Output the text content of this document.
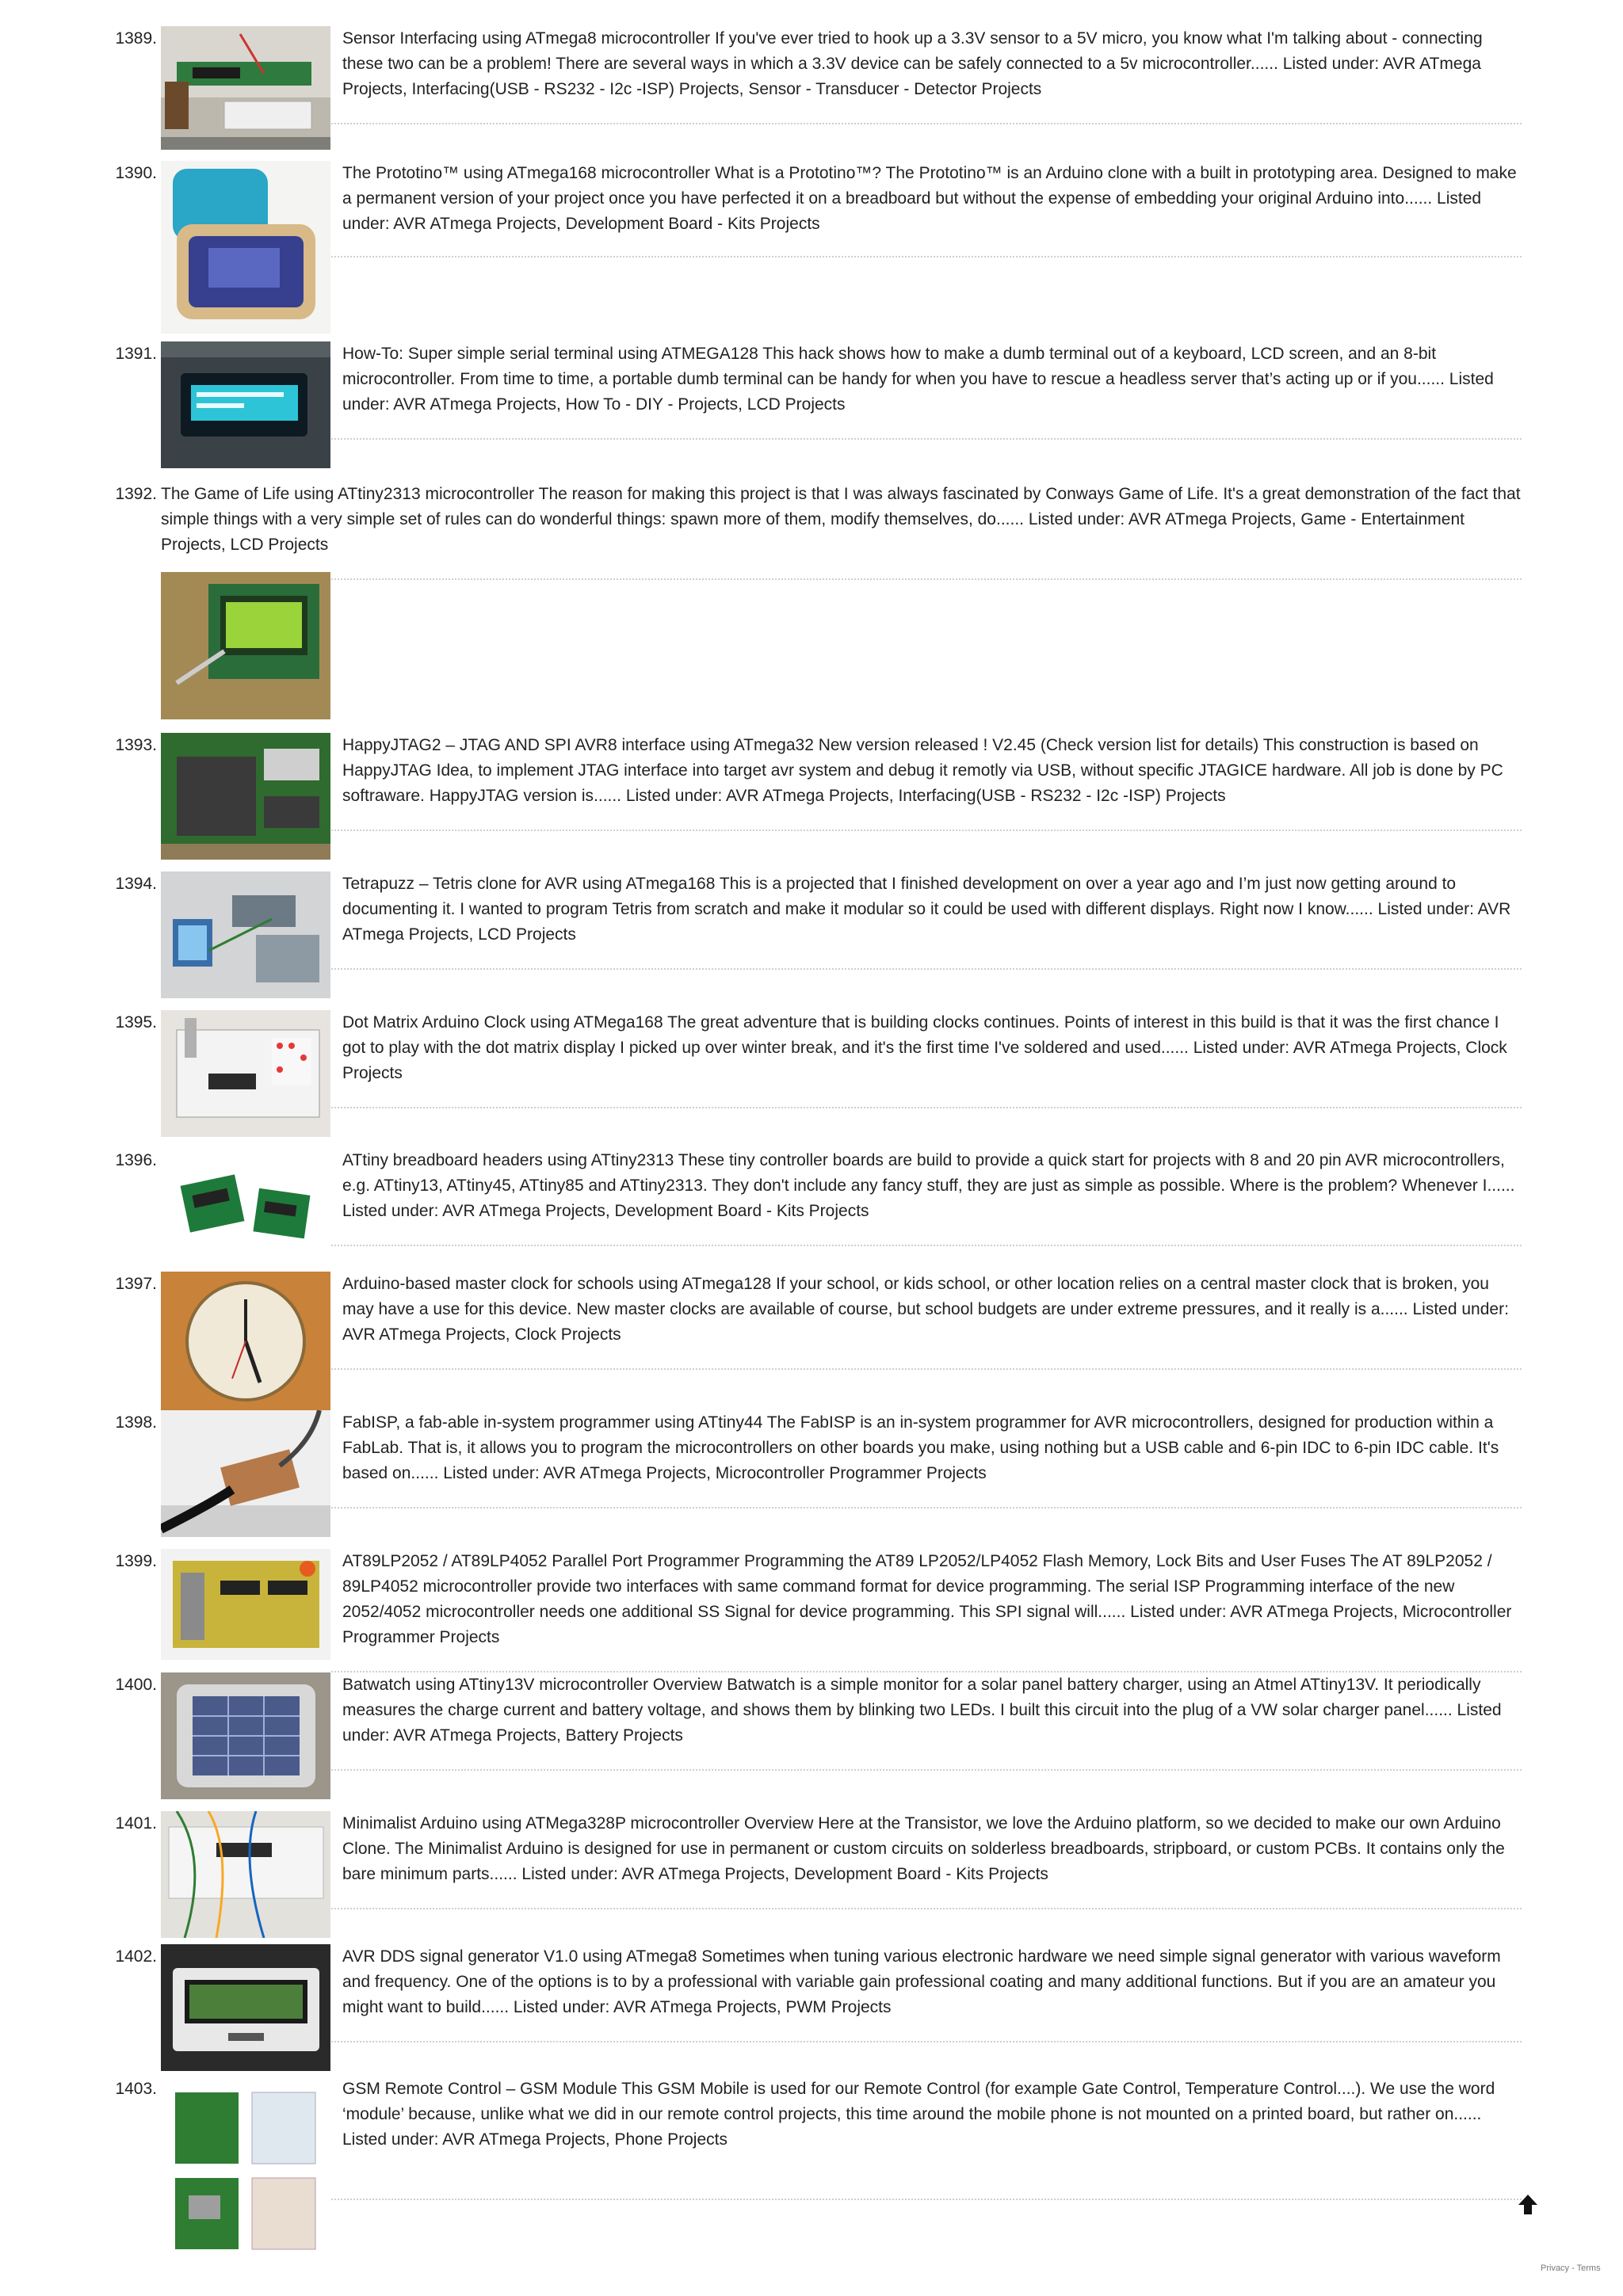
1389.	Sensor Interfacing using ATmega8 microcontroller If you've ever tried to hook up a 3.3V sensor to a 5V micro, you know what I'm talking about - connecting these two can be a problem! There are several ways in which a 3.3V device can be safely connected to a 5v microcontroller...... Listed under: AVR ATmega Projects, Interfacing(USB - RS232 - I2c -ISP) Projects, Sensor - Transducer - Detector Projects
1390.	The Prototino™ using ATmega168 microcontroller What is a Prototino™? The Prototino™ is an Arduino clone with a built in prototyping area. Designed to make a permanent version of your project once you have perfected it on a breadboard but without the expense of embedding your original Arduino into...... Listed under: AVR ATmega Projects, Development Board - Kits Projects
1391.	How-To: Super simple serial terminal using ATMEGA128 This hack shows how to make a dumb terminal out of a keyboard, LCD screen, and an 8-bit microcontroller. From time to time, a portable dumb terminal can be handy for when you have to rescue a headless server that’s acting up or if you...... Listed under: AVR ATmega Projects, How To - DIY - Projects, LCD Projects
1392. The Game of Life using ATtiny2313 microcontroller The reason for making this project is that I was always fascinated by Conways Game of Life. It's a great demonstration of the fact that simple things with a very simple set of rules can do wonderful things: spawn more of them, modify themselves, do...... Listed under: AVR ATmega Projects, Game - Entertainment Projects, LCD Projects
1393.	HappyJTAG2 – JTAG AND SPI AVR8 interface using ATmega32 New version released ! V2.45 (Check version list for details) This construction is based on HappyJTAG Idea, to implement JTAG interface into target avr system and debug it remotly via USB, without specific JTAGICE hardware. All job is done by PC softraware. HappyJTAG version is...... Listed under: AVR ATmega Projects, Interfacing(USB - RS232 - I2c -ISP) Projects
1394.	Tetrapuzz – Tetris clone for AVR using ATmega168 This is a projected that I finished development on over a year ago and I’m just now getting around to documenting it. I wanted to program Tetris from scratch and make it modular so it could be used with different displays. Right now I know...... Listed under: AVR ATmega Projects, LCD Projects
1395.	Dot Matrix Arduino Clock using ATMega168 The great adventure that is building clocks continues. Points of interest in this build is that it was the first chance I got to play with the dot matrix display I picked up over winter break, and it's the first time I've soldered and used...... Listed under: AVR ATmega Projects, Clock Projects
1396.	ATtiny breadboard headers using ATtiny2313 These tiny controller boards are build to provide a quick start for projects with 8 and 20 pin AVR microcontrollers, e.g. ATtiny13, ATtiny45, ATtiny85 and ATtiny2313. They don't include any fancy stuff, they are just as simple as possible. Where is the problem? Whenever I...... Listed under: AVR ATmega Projects, Development Board - Kits Projects
1397.	Arduino-based master clock for schools using ATmega128 If your school, or kids school, or other location relies on a central master clock that is broken, you may have a use for this device. New master clocks are available of course, but school budgets are under extreme pressures, and it really is a...... Listed under: AVR ATmega Projects, Clock Projects
1398.	FabISP, a fab-able in-system programmer using ATtiny44 The FabISP is an in-system programmer for AVR microcontrollers, designed for production within a FabLab. That is, it allows you to program the microcontrollers on other boards you make, using nothing but a USB cable and 6-pin IDC to 6-pin IDC cable. It's based on...... Listed under: AVR ATmega Projects, Microcontroller Programmer Projects
1399.	AT89LP2052 / AT89LP4052 Parallel Port Programmer Programming the AT89 LP2052/LP4052 Flash Memory, Lock Bits and User Fuses The AT 89LP2052 / 89LP4052 microcontroller provide two interfaces with same command format for device programming. The serial ISP Programming interface of the new 2052/4052 microcontroller needs one additional SS Signal for device programming. This SPI signal will...... Listed under: AVR ATmega Projects, Microcontroller Programmer Projects
1400.	Batwatch using ATtiny13V microcontroller Overview Batwatch is a simple monitor for a solar panel battery charger, using an Atmel ATtiny13V. It periodically measures the charge current and battery voltage, and shows them by blinking two LEDs. I built this circuit into the plug of a VW solar charger panel...... Listed under: AVR ATmega Projects, Battery Projects
1401.	Minimalist Arduino using ATMega328P microcontroller Overview Here at the Transistor, we love the Arduino platform, so we decided to make our own Arduino Clone. The Minimalist Arduino is designed for use in permanent or custom circuits on solderless breadboards, stripboard, or custom PCBs. It contains only the bare minimum parts...... Listed under: AVR ATmega Projects, Development Board - Kits Projects
1402.	AVR DDS signal generator V1.0 using ATmega8 Sometimes when tuning various electronic hardware we need simple signal generator with various waveform and frequency. One of the options is to by a professional with variable gain professional coating and many additional functions. But if you are an amateur you might want to build...... Listed under: AVR ATmega Projects, PWM Projects
1403.	GSM Remote Control – GSM Module This GSM Mobile is used for our Remote Control (for example Gate Control, Temperature Control....). We use the word ‘module’ because, unlike what we did in our remote control projects, this time around the mobile phone is not mounted on a printed board, but rather on...... Listed under: AVR ATmega Projects, Phone Projects
Privacy - Terms
